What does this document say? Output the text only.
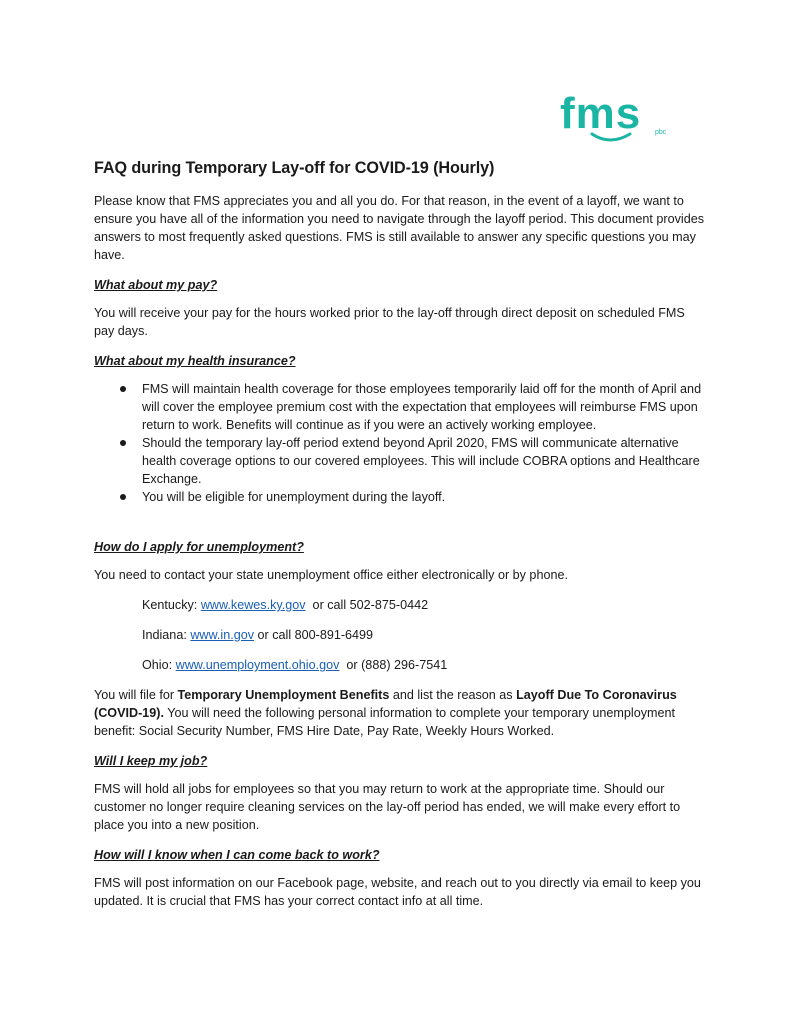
fms pbc
FAQ during Temporary Lay-off for COVID-19 (Hourly)

Please know that FMS appreciates you and all you do. For that reason, in the event of a layoff, we want to ensure you have all of the information you need to navigate through the layoff period. This document provides answers to most frequently asked questions. FMS is still available to answer any specific questions you may have.

What about my pay?

You will receive your pay for the hours worked prior to the lay-off through direct deposit on scheduled FMS pay days.

What about my health insurance?
FMS will maintain health coverage for those employees temporarily laid off for the month of April and will cover the employee premium cost with the expectation that employees will reimburse FMS upon return to work. Benefits will continue as if you were an actively working employee.
Should the temporary lay-off period extend beyond April 2020, FMS will communicate alternative health coverage options to our covered employees. This will include COBRA options and Healthcare Exchange.
You will be eligible for unemployment during the layoff.
How do I apply for unemployment?

You need to contact your state unemployment office either electronically or by phone.

Kentucky: www.kewes.ky.gov  or call 502-875-0442

Indiana: www.in.gov or call 800-891-6499

Ohio: www.unemployment.ohio.gov  or (888) 296-7541

You will file for Temporary Unemployment Benefits and list the reason as Layoff Due To Coronavirus (COVID-19). You will need the following personal information to complete your temporary unemployment benefit: Social Security Number, FMS Hire Date, Pay Rate, Weekly Hours Worked.

Will I keep my job?

FMS will hold all jobs for employees so that you may return to work at the appropriate time. Should our customer no longer require cleaning services on the lay-off period has ended, we will make every effort to place you into a new position.

How will I know when I can come back to work?

FMS will post information on our Facebook page, website, and reach out to you directly via email to keep you updated. It is crucial that FMS has your correct contact info at all time.
